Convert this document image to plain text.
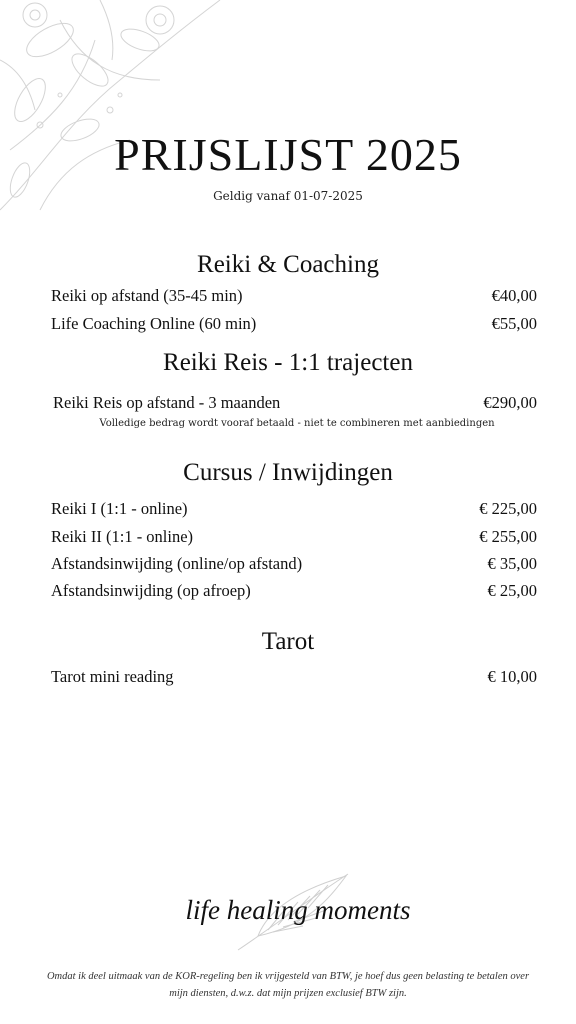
PRIJSLIJST 2025
Geldig vanaf 01-07-2025
Reiki & Coaching
Reiki op afstand (35-45 min)	€40,00
Life Coaching Online (60 min)	€55,00
Reiki Reis - 1:1 trajecten
Reiki Reis op afstand - 3 maanden	€290,00
Volledige bedrag wordt vooraf betaald - niet te combineren met aanbiedingen
Cursus / Inwijdingen
Reiki I (1:1 - online)	€ 225,00
Reiki II (1:1 - online)	€ 255,00
Afstandsinwijding (online/op afstand)	€ 35,00
Afstandsinwijding (op afroep)	€ 25,00
Tarot
Tarot mini reading	€ 10,00
life healing moments
Omdat ik deel uitmaak van de KOR-regeling ben ik vrijgesteld van BTW, je hoef dus geen belasting te betalen over mijn diensten, d.w.z. dat mijn prijzen exclusief BTW zijn.
